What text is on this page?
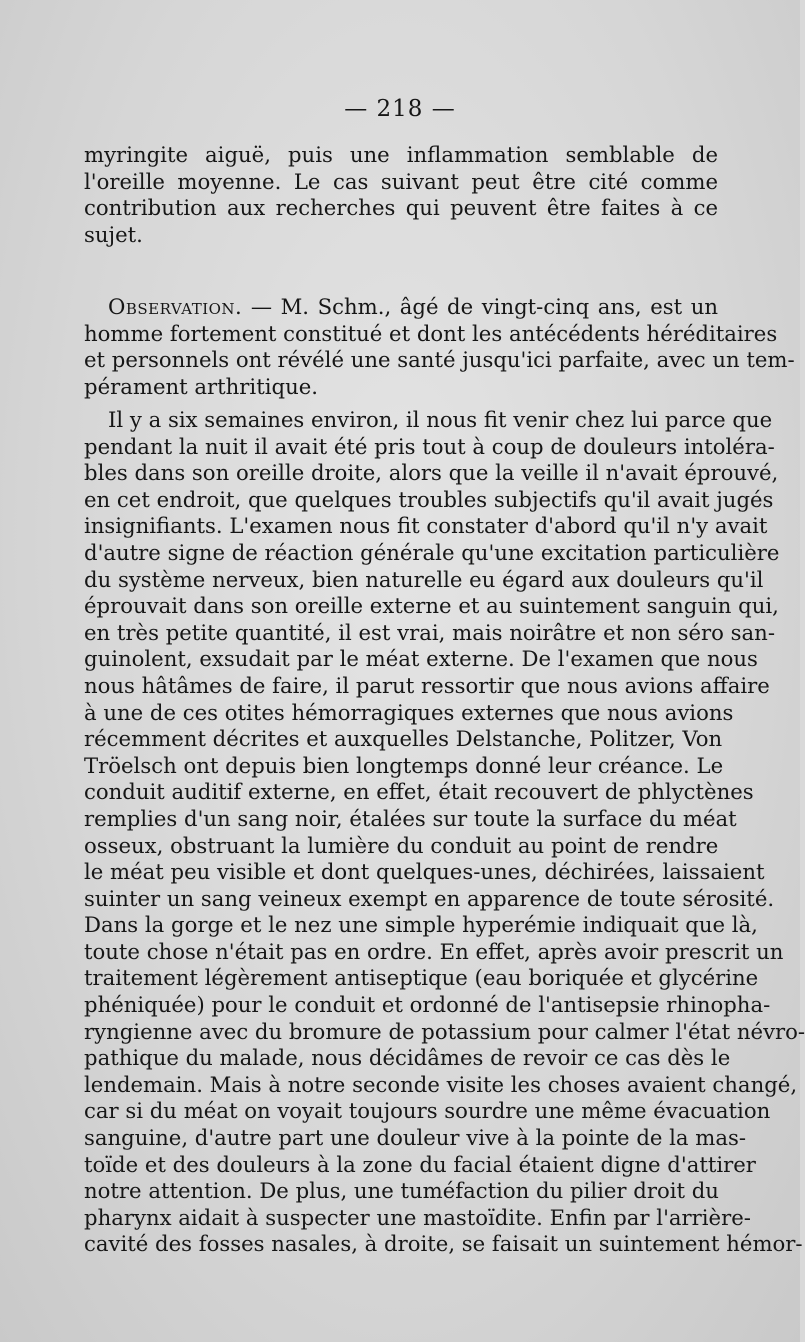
— 218 —
myringite aiguë, puis une inflammation semblable de
l'oreille moyenne. Le cas suivant peut être cité comme
contribution aux recherches qui peuvent être faites à ce
sujet.
Observation. — M. Schm., âgé de vingt-cinq ans, est un
homme fortement constitué et dont les antécédents héréditaires
et personnels ont révélé une santé jusqu'ici parfaite, avec un tem-
pérament arthritique.
Il y a six semaines environ, il nous fit venir chez lui parce que
pendant la nuit il avait été pris tout à coup de douleurs intoléra-
bles dans son oreille droite, alors que la veille il n'avait éprouvé,
en cet endroit, que quelques troubles subjectifs qu'il avait jugés
insignifiants. L'examen nous fit constater d'abord qu'il n'y avait
d'autre signe de réaction générale qu'une excitation particulière
du système nerveux, bien naturelle eu égard aux douleurs qu'il
éprouvait dans son oreille externe et au suintement sanguin qui,
en très petite quantité, il est vrai, mais noirâtre et non séro san-
guinolent, exsudait par le méat externe. De l'examen que nous
nous hâtâmes de faire, il parut ressortir que nous avions affaire
à une de ces otites hémorragiques externes que nous avions
récemment décrites et auxquelles Delstanche, Politzer, Von
Tröelsch ont depuis bien longtemps donné leur créance. Le
conduit auditif externe, en effet, était recouvert de phlyctènes
remplies d'un sang noir, étalées sur toute la surface du méat
osseux, obstruant la lumière du conduit au point de rendre
le méat peu visible et dont quelques-unes, déchirées, laissaient
suinter un sang veineux exempt en apparence de toute sérosité.
Dans la gorge et le nez une simple hyperémie indiquait que là,
toute chose n'était pas en ordre. En effet, après avoir prescrit un
traitement légèrement antiseptique (eau boriquée et glycérine
phéniquée) pour le conduit et ordonné de l'antisepsie rhinopha-
ryngienne avec du bromure de potassium pour calmer l'état névro-
pathique du malade, nous décidâmes de revoir ce cas dès le
lendemain. Mais à notre seconde visite les choses avaient changé,
car si du méat on voyait toujours sourdre une même évacuation
sanguine, d'autre part une douleur vive à la pointe de la mas-
toïde et des douleurs à la zone du facial étaient digne d'attirer
notre attention. De plus, une tuméfaction du pilier droit du
pharynx aidait à suspecter une mastoïdite. Enfin par l'arrière-
cavité des fosses nasales, à droite, se faisait un suintement hémor-
